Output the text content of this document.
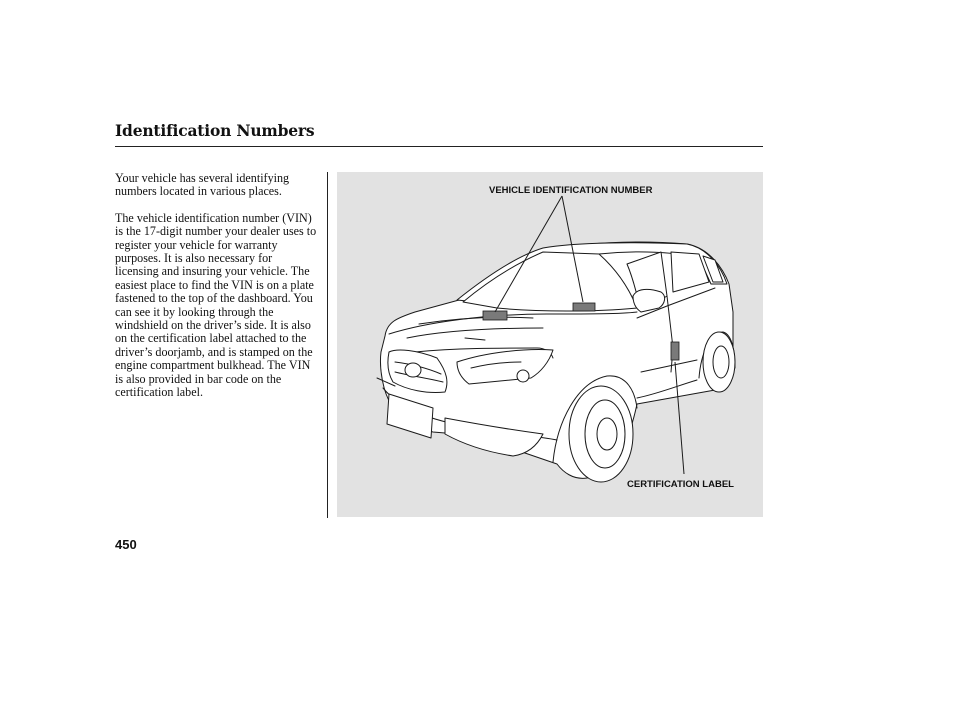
Identification Numbers

Your vehicle has several identifying numbers located in various places.

The vehicle identification number (VIN) is the 17-digit number your dealer uses to register your vehicle for warranty purposes. It is also necessary for licensing and insuring your vehicle. The easiest place to find the VIN is on a plate fastened to the top of the dashboard. You can see it by looking through the windshield on the driver’s side. It is also on the certification label attached to the driver’s doorjamb, and is stamped on the engine compartment bulkhead. The VIN is also provided in bar code on the certification label.

VEHICLE IDENTIFICATION NUMBER
CERTIFICATION LABEL
450
